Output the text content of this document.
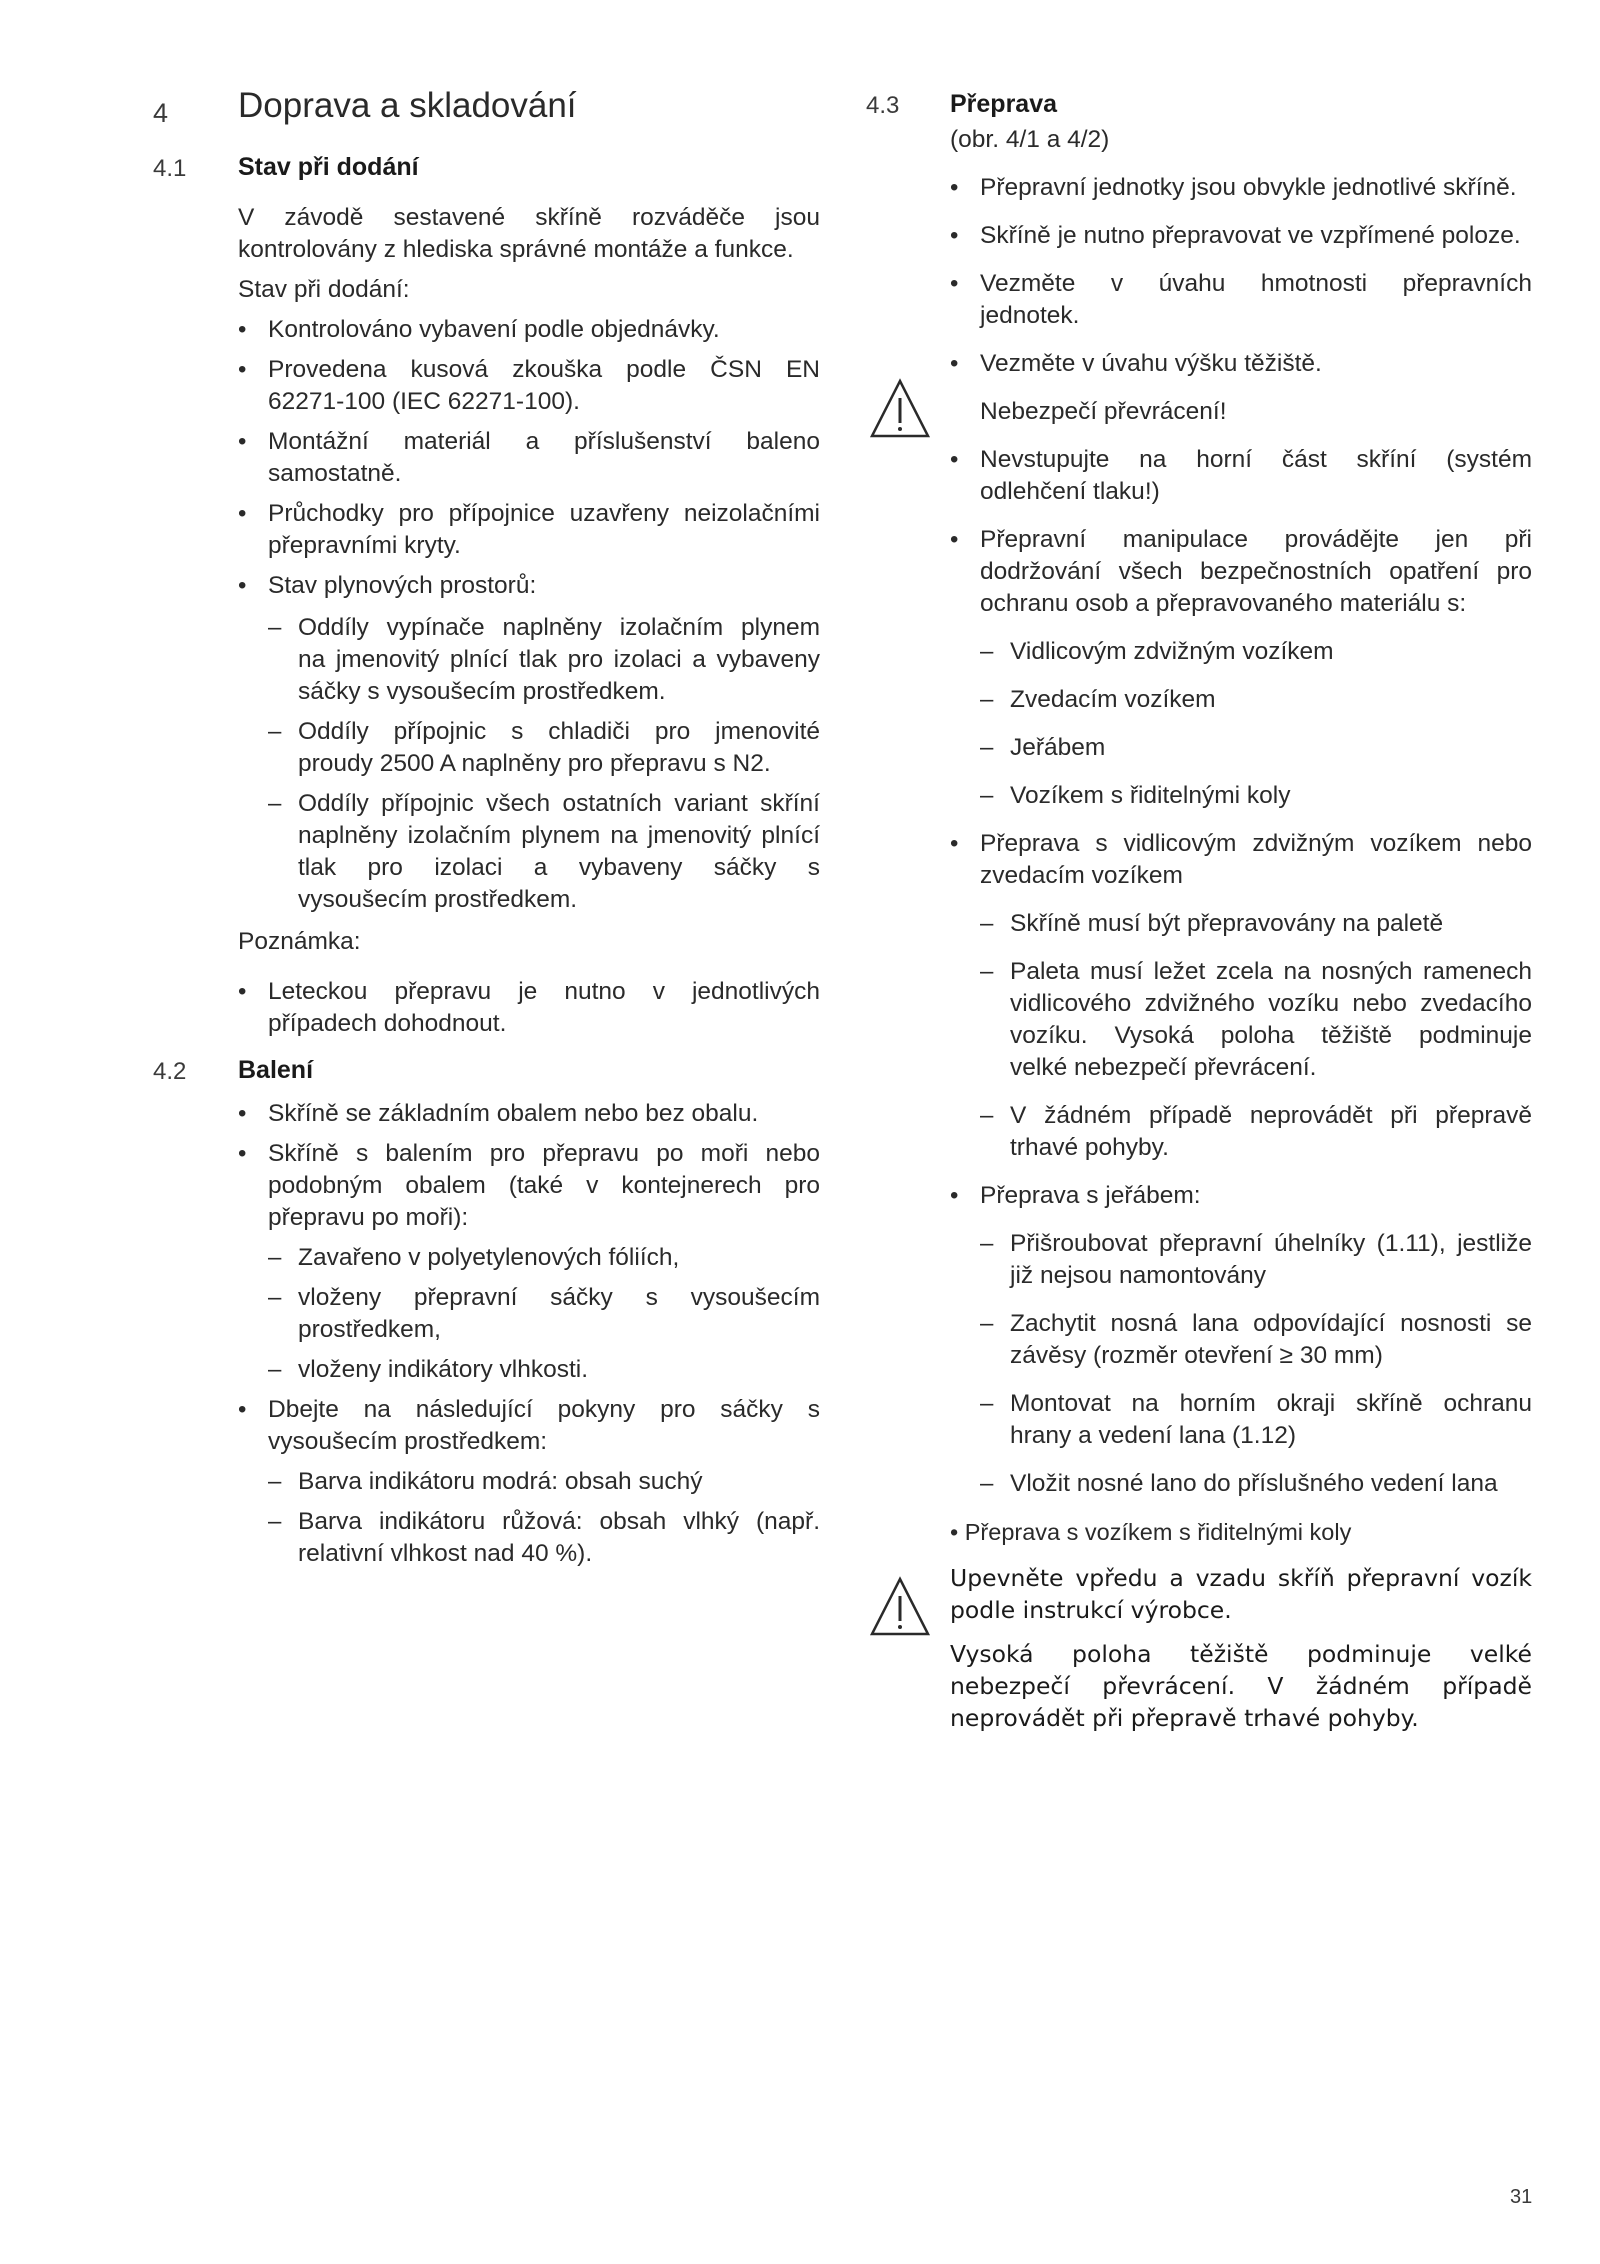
4 Doprava a skladování
4.1 Stav při dodání
V závodě sestavené skříně rozváděče jsou
kontrolovány z hlediska správné montáže a funkce.
Stav při dodání:
• Kontrolováno vybavení podle objednávky.
• Provedena kusová zkouška podle ČSN EN
62271-100 (IEC 62271-100).
• Montážní materiál a příslušenství baleno
samostatně.
• Průchodky pro přípojnice uzavřeny neizolačními
přepravními kryty.
• Stav plynových prostorů:
– Oddíly vypínače naplněny izolačním plynem
na jmenovitý plnící tlak pro izolaci a vybaveny
sáčky s vysoušecím prostředkem.
– Oddíly přípojnic s chladiči pro jmenovité
proudy 2500 A naplněny pro přepravu s N2.
– Oddíly přípojnic všech ostatních variant skříní
naplněny izolačním plynem na jmenovitý plnící
tlak pro izolaci a vybaveny sáčky s
vysoušecím prostředkem.
Poznámka:
• Leteckou přepravu je nutno v jednotlivých
případech dohodnout.
4.2 Balení
• Skříně se základním obalem nebo bez obalu.
• Skříně s balením pro přepravu po moři nebo
podobným obalem (také v kontejnerech pro
přepravu po moři):
– Zavařeno v polyetylenových fóliích,
– vloženy přepravní sáčky s vysoušecím
prostředkem,
– vloženy indikátory vlhkosti.
• Dbejte na následující pokyny pro sáčky s
vysoušecím prostředkem:
– Barva indikátoru modrá: obsah suchý
– Barva indikátoru růžová: obsah vlhký (např.
relativní vlhkost nad 40 %).
4.3 Přeprava
(obr. 4/1 a 4/2)
• Přepravní jednotky jsou obvykle jednotlivé skříně.
• Skříně je nutno přepravovat ve vzpřímené poloze.
• Vezměte v úvahu hmotnosti přepravních
jednotek.
• Vezměte v úvahu výšku těžiště.
Nebezpečí převrácení!
• Nevstupujte na horní část skříní (systém
odlehčení tlaku!)
• Přepravní manipulace provádějte jen při
dodržování všech bezpečnostních opatření pro
ochranu osob a přepravovaného materiálu s:
– Vidlicovým zdvižným vozíkem
– Zvedacím vozíkem
– Jeřábem
– Vozíkem s řiditelnými koly
• Přeprava s vidlicovým zdvižným vozíkem nebo
zvedacím vozíkem
– Skříně musí být přepravovány na paletě
– Paleta musí ležet zcela na nosných ramenech
vidlicového zdvižného vozíku nebo zvedacího
vozíku. Vysoká poloha těžiště podminuje
velké nebezpečí převrácení.
– V žádném případě neprovádět při přepravě
trhavé pohyby.
• Přeprava s jeřábem:
– Přišroubovat přepravní úhelníky (1.11), jestliže
již nejsou namontovány
– Zachytit nosná lana odpovídající nosnosti se
závěsy (rozměr otevření ≥ 30 mm)
– Montovat na horním okraji skříně ochranu
hrany a vedení lana (1.12)
– Vložit nosné lano do příslušného vedení lana
• Přeprava s vozíkem s řiditelnými koly
Upevněte vpředu a vzadu skříň přepravní vozík
podle instrukcí výrobce.
Vysoká poloha těžiště podminuje velké
nebezpečí převrácení. V žádném případě
neprovádět při přepravě trhavé pohyby.
31
